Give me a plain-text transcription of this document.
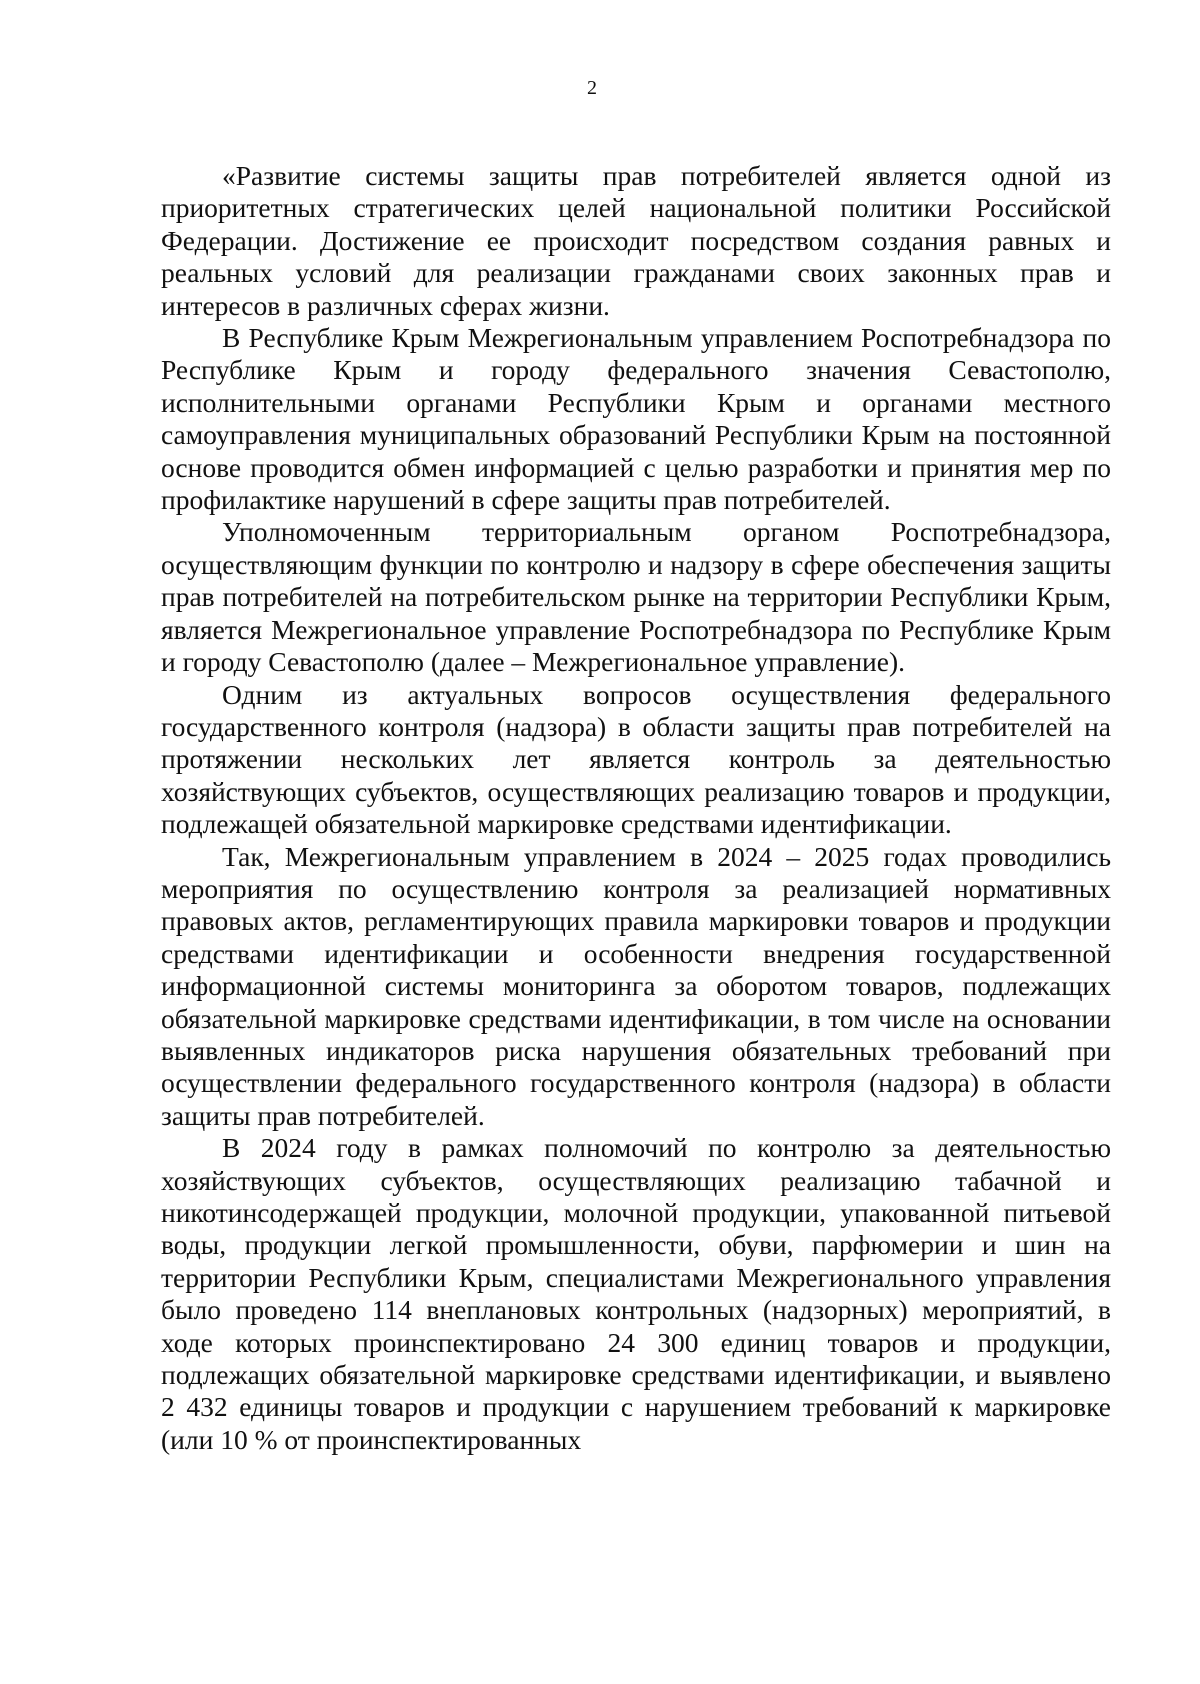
2

«Развитие системы защиты прав потребителей является одной из приоритетных стратегических целей национальной политики Российской Федерации. Достижение ее происходит посредством создания равных и реальных условий для реализации гражданами своих законных прав и интересов в различных сферах жизни.

В Республике Крым Межрегиональным управлением Роспотребнадзора по Республике Крым и городу федерального значения Севастополю, исполнительными органами Республики Крым и органами местного самоуправления муниципальных образований Республики Крым на постоянной основе проводится обмен информацией с целью разработки и принятия мер по профилактике нарушений в сфере защиты прав потребителей.

Уполномоченным территориальным органом Роспотребнадзора, осуществляющим функции по контролю и надзору в сфере обеспечения защиты прав потребителей на потребительском рынке на территории Республики Крым, является Межрегиональное управление Роспотребнадзора по Республике Крым и городу Севастополю (далее – Межрегиональное управление).

Одним из актуальных вопросов осуществления федерального государственного контроля (надзора) в области защиты прав потребителей на протяжении нескольких лет является контроль за деятельностью хозяйствующих субъектов, осуществляющих реализацию товаров и продукции, подлежащей обязательной маркировке средствами идентификации.

Так, Межрегиональным управлением в 2024 – 2025 годах проводились мероприятия по осуществлению контроля за реализацией нормативных правовых актов, регламентирующих правила маркировки товаров и продукции средствами идентификации и особенности внедрения государственной информационной системы мониторинга за оборотом товаров, подлежащих обязательной маркировке средствами идентификации, в том числе на основании выявленных индикаторов риска нарушения обязательных требований при осуществлении федерального государственного контроля (надзора) в области защиты прав потребителей.

В 2024 году в рамках полномочий по контролю за деятельностью хозяйствующих субъектов, осуществляющих реализацию табачной и никотинсодержащей продукции, молочной продукции, упакованной питьевой воды, продукции легкой промышленности, обуви, парфюмерии и шин на территории Республики Крым, специалистами Межрегионального управления было проведено 114 внеплановых контрольных (надзорных) мероприятий, в ходе которых проинспектировано 24 300 единиц товаров и продукции, подлежащих обязательной маркировке средствами идентификации, и выявлено 2 432 единицы товаров и продукции с нарушением требований к маркировке (или 10 % от проинспектированных
